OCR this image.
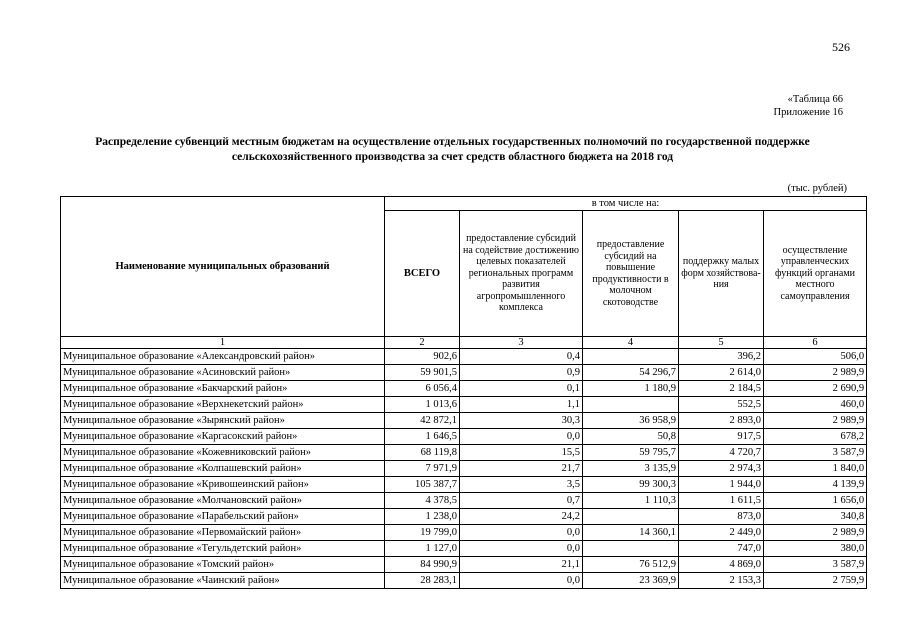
526
«Таблица 66
Приложение 16
Распределение субвенций местным бюджетам на осуществление отдельных государственных полномочий по государственной поддержке сельскохозяйственного производства за счет средств областного бюджета на 2018 год
(тыс. рублей)
Наименование муниципальных образований	в том числе на:				
	ВСЕГО	предоставление субсидий на содействие достижению целевых показателей региональных программ развития агропромышленного комплекса	предоставление субсидий на повышение продуктивности в молочном скотоводстве	поддержку малых форм хозяйствова- ния	осуществление управленческих функций органами местного самоуправления
1	2	3	4	5	6
Муниципальное образование «Александровский район»	902,6	0,4		396,2	506,0
Муниципальное образование «Асиновский район»	59 901,5	0,9	54 296,7	2 614,0	2 989,9
Муниципальное образование «Бакчарский район»	6 056,4	0,1	1 180,9	2 184,5	2 690,9
Муниципальное образование «Верхнекетский район»	1 013,6	1,1		552,5	460,0
Муниципальное образование «Зырянский район»	42 872,1	30,3	36 958,9	2 893,0	2 989,9
Муниципальное образование «Каргасокский район»	1 646,5	0,0	50,8	917,5	678,2
Муниципальное образование «Кожевниковский район»	68 119,8	15,5	59 795,7	4 720,7	3 587,9
Муниципальное образование «Колпашевский район»	7 971,9	21,7	3 135,9	2 974,3	1 840,0
Муниципальное образование «Кривошеинский район»	105 387,7	3,5	99 300,3	1 944,0	4 139,9
Муниципальное образование «Молчановский район»	4 378,5	0,7	1 110,3	1 611,5	1 656,0
Муниципальное образование «Парабельский район»	1 238,0	24,2		873,0	340,8
Муниципальное образование «Первомайский район»	19 799,0	0,0	14 360,1	2 449,0	2 989,9
Муниципальное образование «Тегульдетский район»	1 127,0	0,0		747,0	380,0
Муниципальное образование «Томский район»	84 990,9	21,1	76 512,9	4 869,0	3 587,9
Муниципальное образование «Чаинский район»	28 283,1	0,0	23 369,9	2 153,3	2 759,9
